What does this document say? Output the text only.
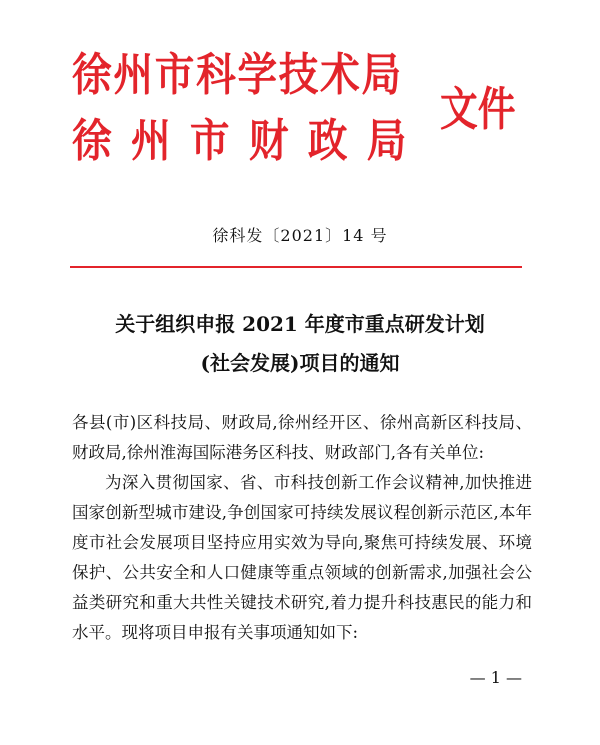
徐州市科学技术局
徐州市财政局
文件
徐科发〔2021〕14 号
关于组织申报 2021 年度市重点研发计划
(社会发展)项目的通知

各县(市)区科技局、财政局,徐州经开区、徐州高新区科技局、财政局,徐州淮海国际港务区科技、财政部门,各有关单位:

为深入贯彻国家、省、市科技创新工作会议精神,加快推进国家创新型城市建设,争创国家可持续发展议程创新示范区,本年度市社会发展项目坚持应用实效为导向,聚焦可持续发展、环境保护、公共安全和人口健康等重点领域的创新需求,加强社会公益类研究和重大共性关键技术研究,着力提升科技惠民的能力和水平。现将项目申报有关事项通知如下:

— 1 —
